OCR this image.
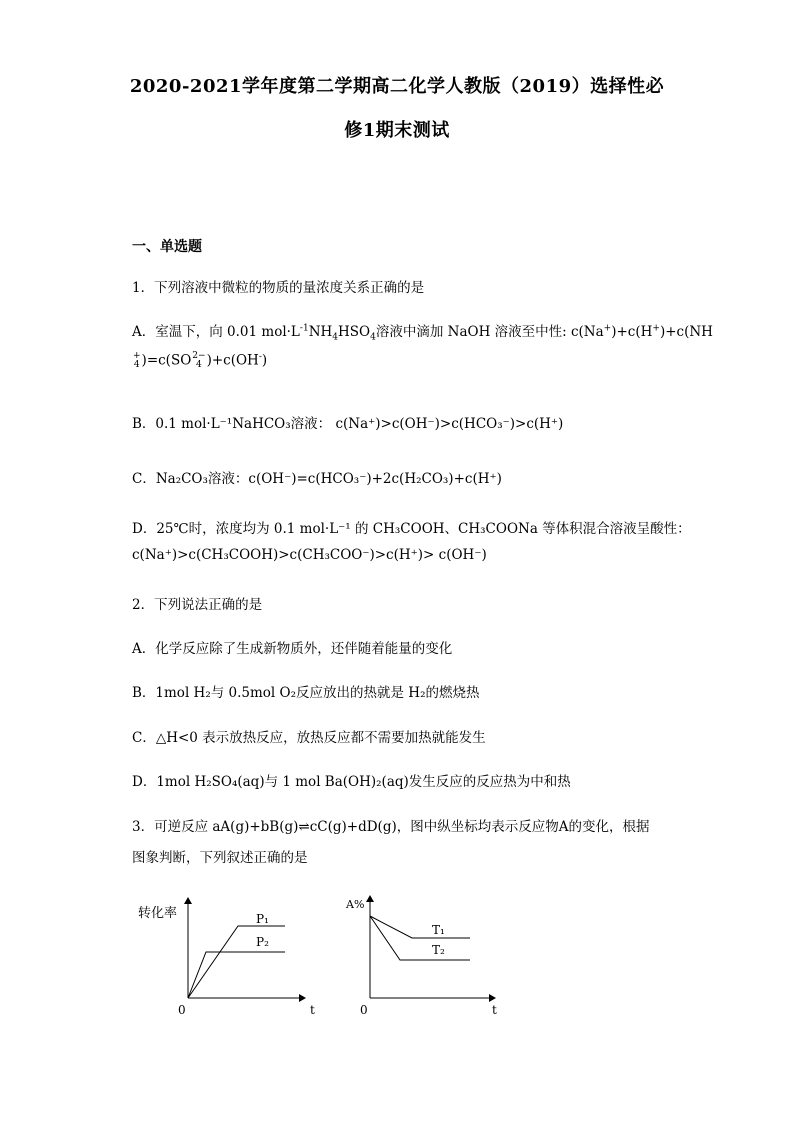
2020-2021学年度第二学期高二化学人教版（2019）选择性必
修1期末测试
一、单选题
1．下列溶液中微粒的物质的量浓度关系正确的是
A．室温下，向 0.01 $mol\cdot L^{-1}NH_4HSO_4$溶液中滴加 NaOH 溶液至中性: c(Na+)+c(H+)+c(NH
+
4 )=c(SO 2−
4 )+c(OH-)
B．0.1 mol·L⁻¹NaHCO₃溶液： c(Na⁺)>c(OH⁻)>c(HCO₃⁻)>c(H⁺)
C．Na₂CO₃溶液：c(OH⁻)=c(HCO₃⁻)+2c(H₂CO₃)+c(H⁺)
D．25℃时，浓度均为 0.1 mol·L⁻¹ 的 CH₃COOH、CH₃COONa 等体积混合溶液呈酸性：
c(Na⁺)>c(CH₃COOH)>c(CH₃COO⁻)>c(H⁺)> c(OH⁻)
2．下列说法正确的是
A．化学反应除了生成新物质外，还伴随着能量的变化
B．1mol H₂与 0.5mol O₂反应放出的热就是 H₂的燃烧热
C．△H<0 表示放热反应，放热反应都不需要加热就能发生
D．1mol H₂SO₄(aq)与 1 mol Ba(OH)₂(aq)发生反应的反应热为中和热
3．可逆反应 aA(g)+bB(g)⇌cC(g)+dD(g)，图中纵坐标均表示反应物A的变化，根据
图象判断，下列叙述正确的是
转化率	P₁
P₂
0	t
A%
T₁
T₂
0	t
